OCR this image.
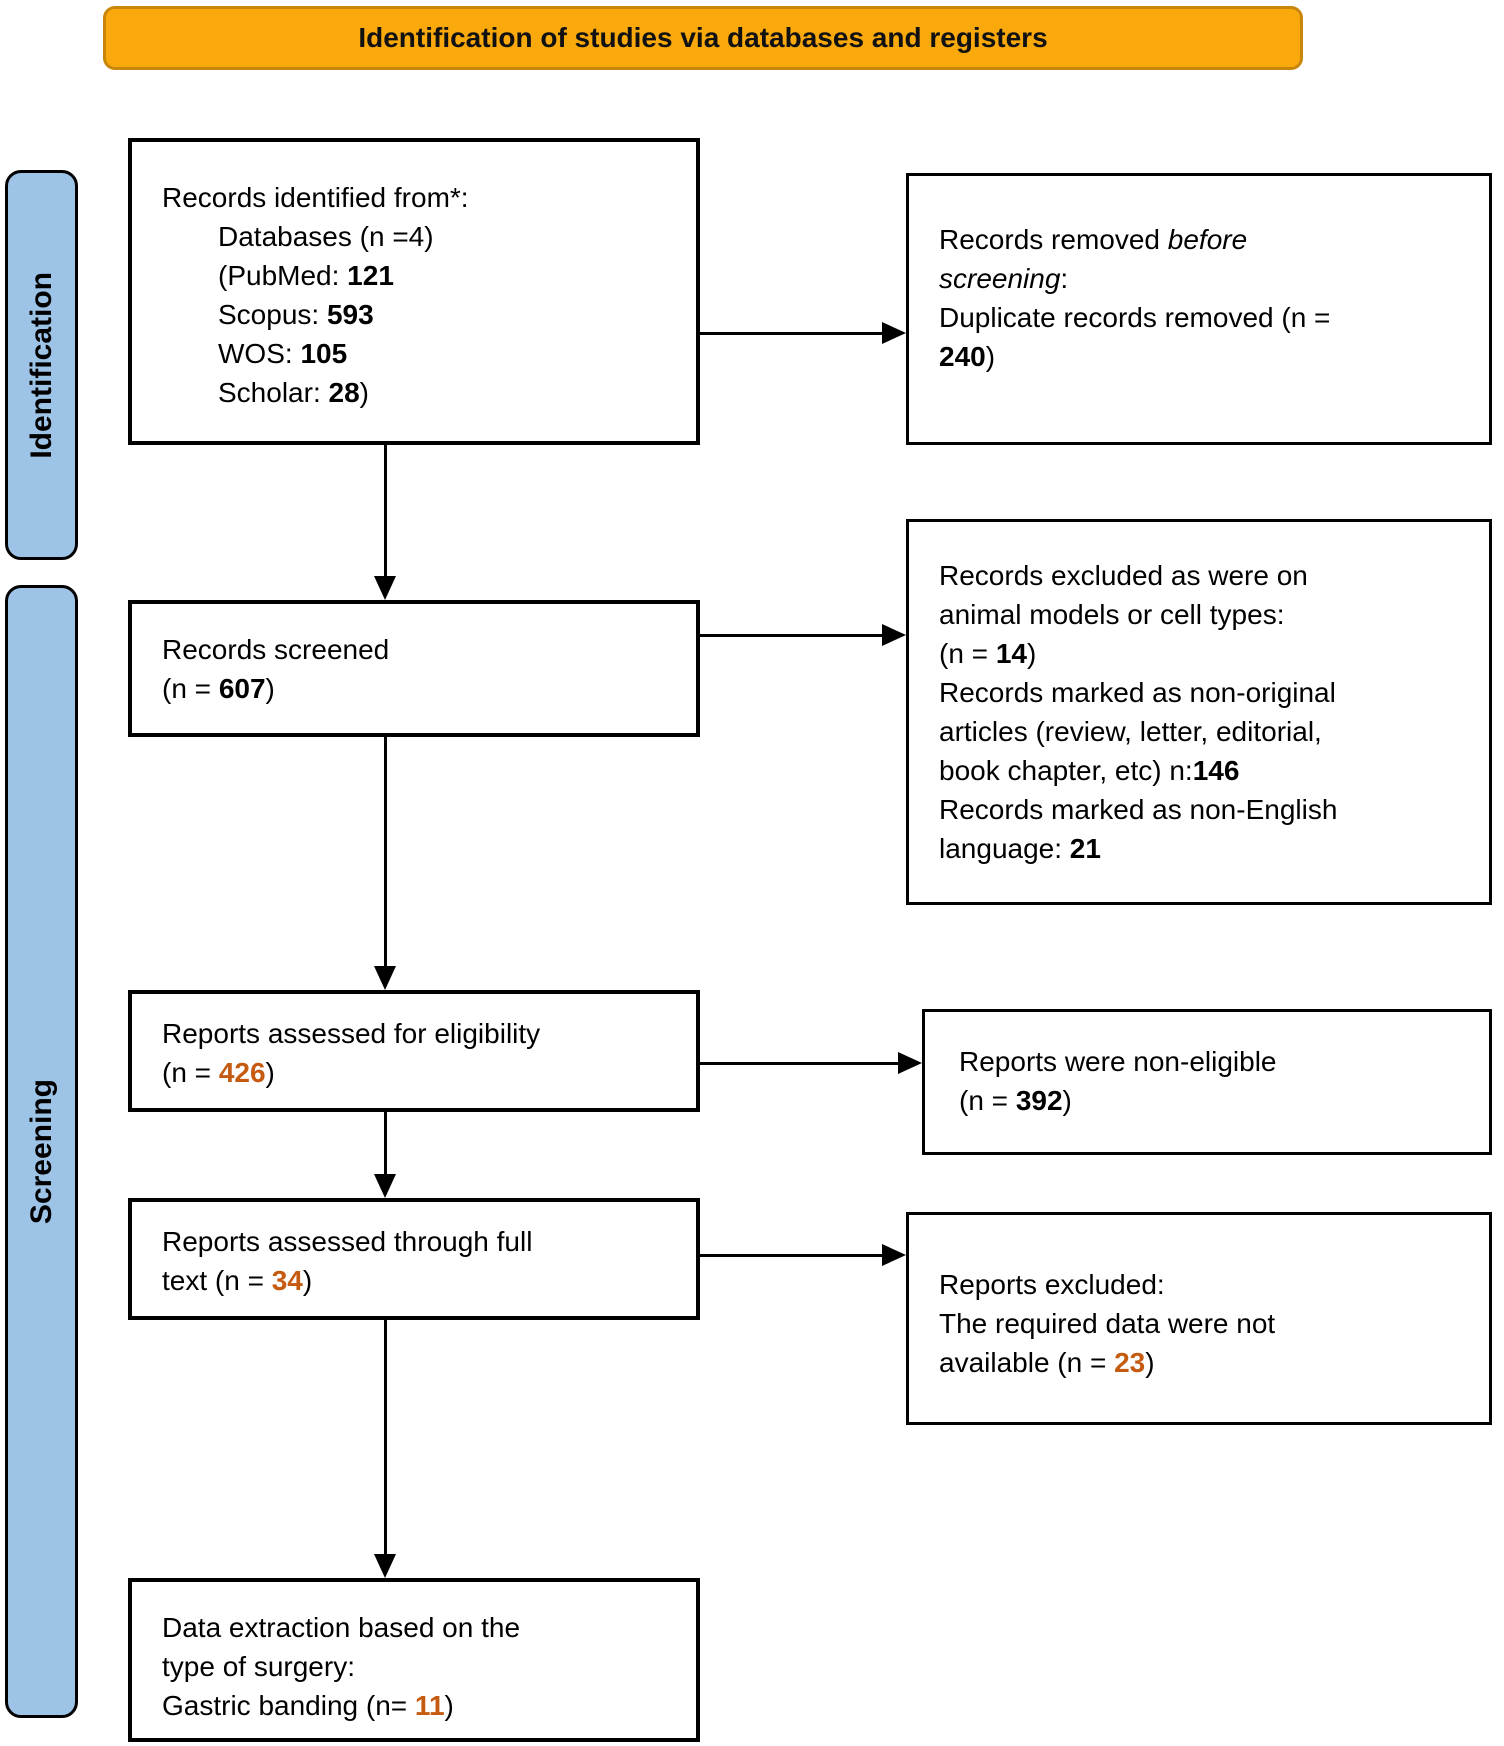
Identification of studies via databases and registers
Identification
Screening
Records identified from*:
Databases (n =4)
(PubMed: 121
Scopus: 593
WOS: 105
Scholar: 28)
Records removed before
screening:
Duplicate records removed (n =
240)
Records screened
(n = 607)
Records excluded as were on
animal models or cell types:
(n = 14)
Records marked as non-original
articles (review, letter, editorial,
book chapter, etc) n:146
Records marked as non-English
language: 21
Reports assessed for eligibility
(n = 426)	Reports were non-eligible
(n = 392)
Reports assessed through full
text (n = 34)	Reports excluded:
The required data were not
available (n = 23)
Data extraction based on the
type of surgery:
Gastric banding (n= 11)
